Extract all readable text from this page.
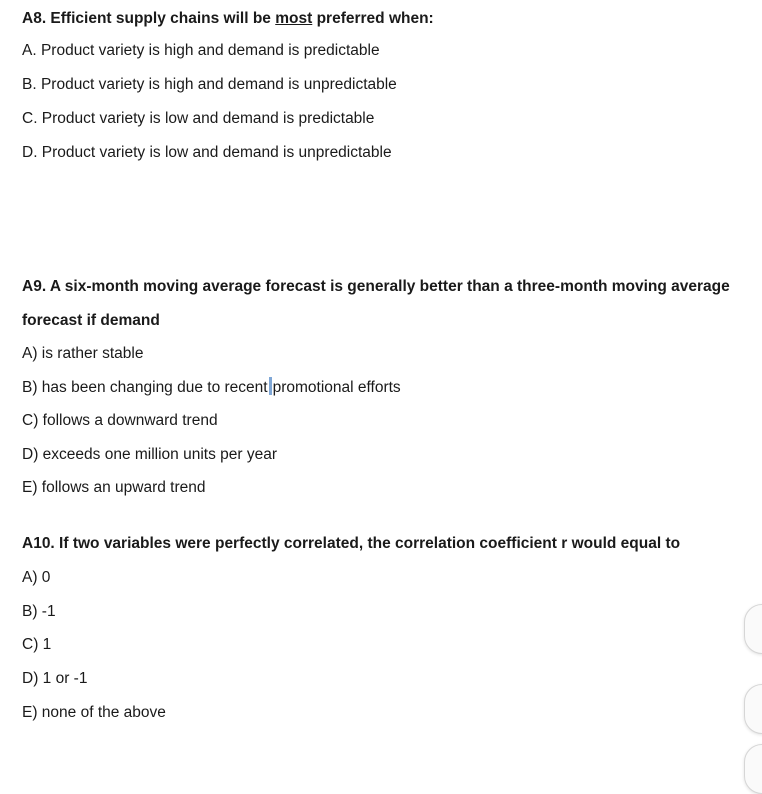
A8. Efficient supply chains will be most preferred when:
A. Product variety is high and demand is predictable
B. Product variety is high and demand is unpredictable
C. Product variety is low and demand is predictable
D. Product variety is low and demand is unpredictable
A9. A six-month moving average forecast is generally better than a three-month moving average
forecast if demand
A) is rather stable
B) has been changing due to recent promotional efforts
C) follows a downward trend
D) exceeds one million units per year
E) follows an upward trend
A10. If two variables were perfectly correlated, the correlation coefficient r would equal to
A) 0
B) -1
C) 1
D) 1 or -1
E) none of the above
